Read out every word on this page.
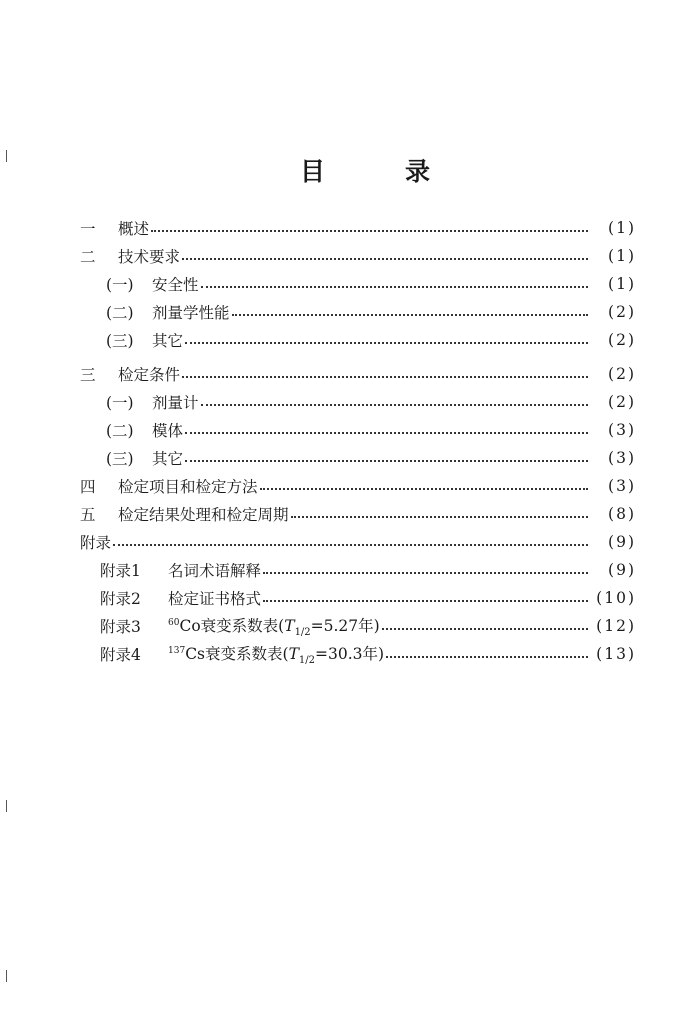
目	录
一	概述	(1)
二	技术要求	(1)
(一)	安全性	(1)
(二)	剂量学性能	(2)
(三)	其它	(2)
三	检定条件	(2)
(一)	剂量计	(2)
(二)	模体	(3)
(三)	其它	(3)
四	检定项目和检定方法	(3)
五	检定结果处理和检定周期	(8)
附录	(9)
附录1	名词术语解释	(9)
附录2	检定证书格式	(10)
附录3	$^{60}$Co衰变系数表($T_{1/2}=5.27$年)	(12)
附录4	$^{137}$Cs衰变系数表($T_{1/2}=30.3$年)	(13)
